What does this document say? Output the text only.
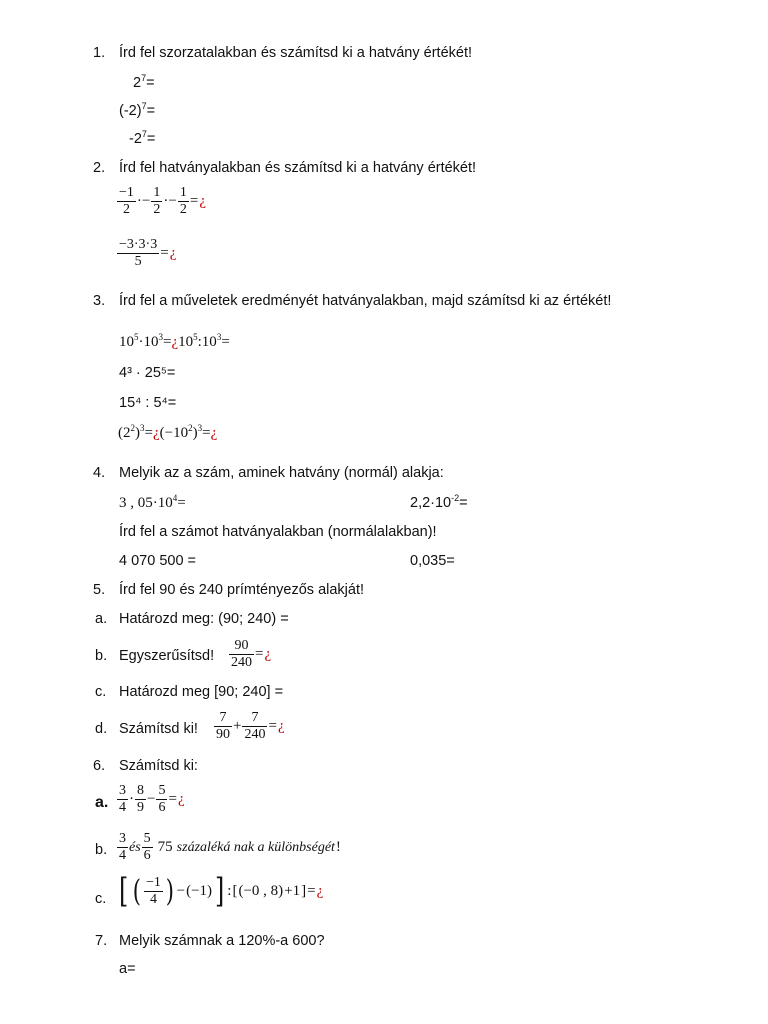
1. Írd fel szorzatalakban és számítsd ki a hatvány értékét!
$2^7=$
$(-2)^7=$
$-2^7=$
2. Írd fel hatványalakban és számítsd ki a hatvány értékét!
$\frac{-1}{2} \cdot- \frac{1}{2} \cdot- \frac{1}{2}$ = ¿
$\frac{-3\cdot 3\cdot 3}{5}$ = ¿
3. Írd fel a műveletek eredményét hatványalakban, majd számítsd ki az értékét!
$10^5\cdot 10^3=¿10^5:10^3=$
4³ · 25⁵=
15⁴ : 5⁴=
$(2^2)^3=¿(-10^2)^3=¿$
4. Melyik az a szám, aminek hatvány (normál) alakja:
3 , $05\cdot 10^4=$	$2,2\cdot 10^{-2}=$
Írd fel a számot hatványalakban (normálalakban)!
4 070 500 =	0,035=
5. Írd fel 90 és 240 prímtényezős alakját!
a. Határozd meg: (90; 240) =
b. Egyszerűsítsd! $\frac{90}{240}$ = ¿
c. Határozd meg [90; 240] =
d. Számítsd ki! $\frac{7}{90} + \frac{7}{240}$ = ¿
6. Számítsd ki:
a. $\frac{3}{4} \cdot \frac{8}{9} - \frac{5}{6}$ = ¿
b. $\frac{3}{4}$ és $\frac{5}{6} 75$ százaléká nak a különbségét !
c. [ ( $\frac{-1}{4}$ ) − (−1) ] : [ (−0 , 8) +1 ] = ¿
7. Melyik számnak a 120%-a 600?
a=
